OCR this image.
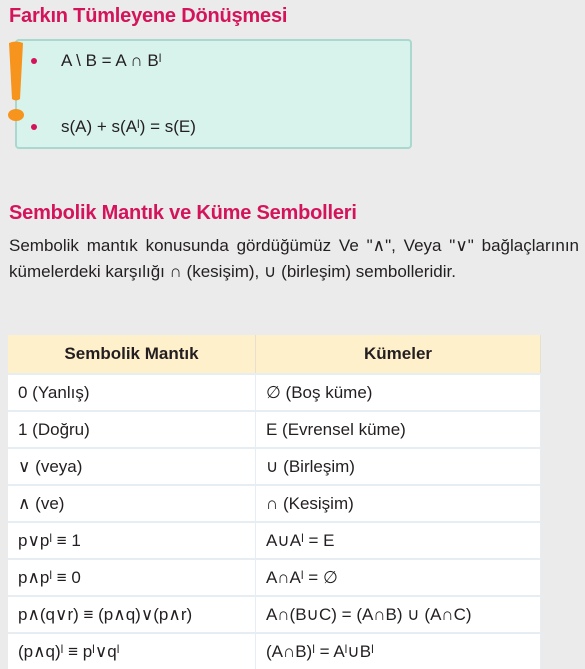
Farkın Tümleyene Dönüşmesi
A \ B = A ∩ Bˡ
s(A) + s(Aˡ) = s(E)
Sembolik Mantık ve Küme Sembolleri

Sembolik mantık konusunda gördüğümüz Ve "∧", Veya "∨" bağlaçlarının kümelerdeki karşılığı ∩ (kesişim), ∪ (birleşim) sembolleridir.

Sembolik Mantık	Kümeler

0 (Yanlış)	∅ (Boş küme)

1 (Doğru)	E (Evrensel küme)

∨ (veya)	∪ (Birleşim)

∧ (ve)	∩ (Kesişim)

p∨pˡ ≡ 1	A∪Aˡ = E

p∧pˡ ≡ 0	A∩Aˡ = ∅

p∧(q∨r) ≡ (p∧q)∨(p∧r)	A∩(B∪C) = (A∩B) ∪ (A∩C)

(p∧q)ˡ ≡ pˡ∨qˡ	(A∩B)ˡ = Aˡ∪Bˡ
